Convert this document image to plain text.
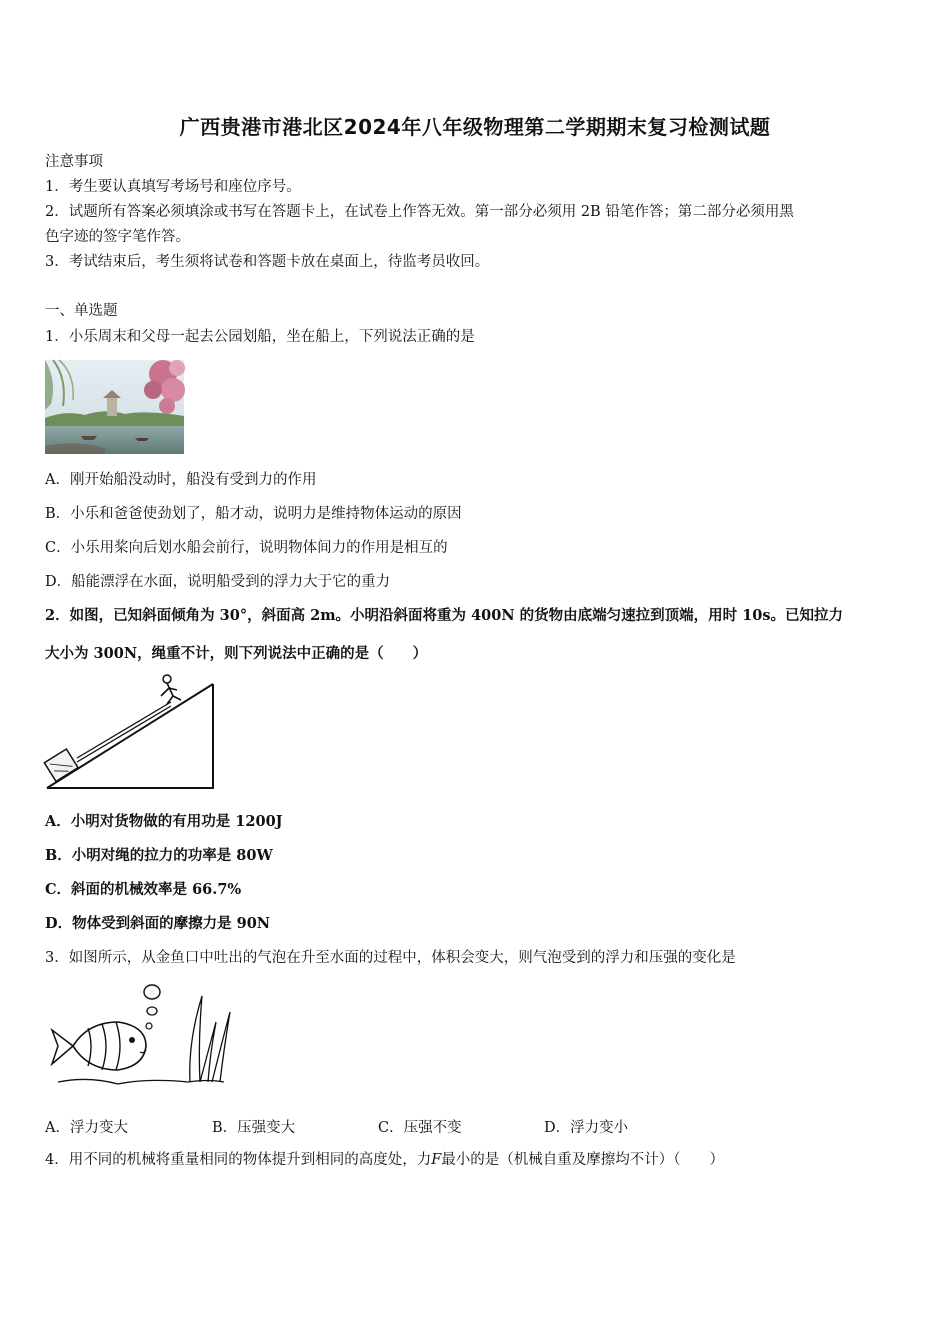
广西贵港市港北区2024年八年级物理第二学期期末复习检测试题
注意事项
1．考生要认真填写考场号和座位序号。
2．试题所有答案必须填涂或书写在答题卡上，在试卷上作答无效。第一部分必须用 2B 铅笔作答；第二部分必须用黑
色字迹的签字笔作答。
3．考试结束后，考生须将试卷和答题卡放在桌面上，待监考员收回。
一、单选题
1．小乐周末和父母一起去公园划船，坐在船上，下列说法正确的是
A．刚开始船没动时，船没有受到力的作用
B．小乐和爸爸使劲划了，船才动，说明力是维持物体运动的原因
C．小乐用桨向后划水船会前行，说明物体间力的作用是相互的
D．船能漂浮在水面，说明船受到的浮力大于它的重力
2．如图，已知斜面倾角为 30°，斜面高 2m。小明沿斜面将重为 400N 的货物由底端匀速拉到顶端，用时 10s。已知拉力
大小为 300N，绳重不计，则下列说法中正确的是（　　）
A．小明对货物做的有用功是 1200J
B．小明对绳的拉力的功率是 80W
C．斜面的机械效率是 66.7%
D．物体受到斜面的摩擦力是 90N
3．如图所示，从金鱼口中吐出的气泡在升至水面的过程中，体积会变大，则气泡受到的浮力和压强的变化是
A．浮力变大	B．压强变大	C．压强不变	D．浮力变小
4．用不同的机械将重量相同的物体提升到相同的高度处，力F最小的是（机械自重及摩擦均不计）（　　）
